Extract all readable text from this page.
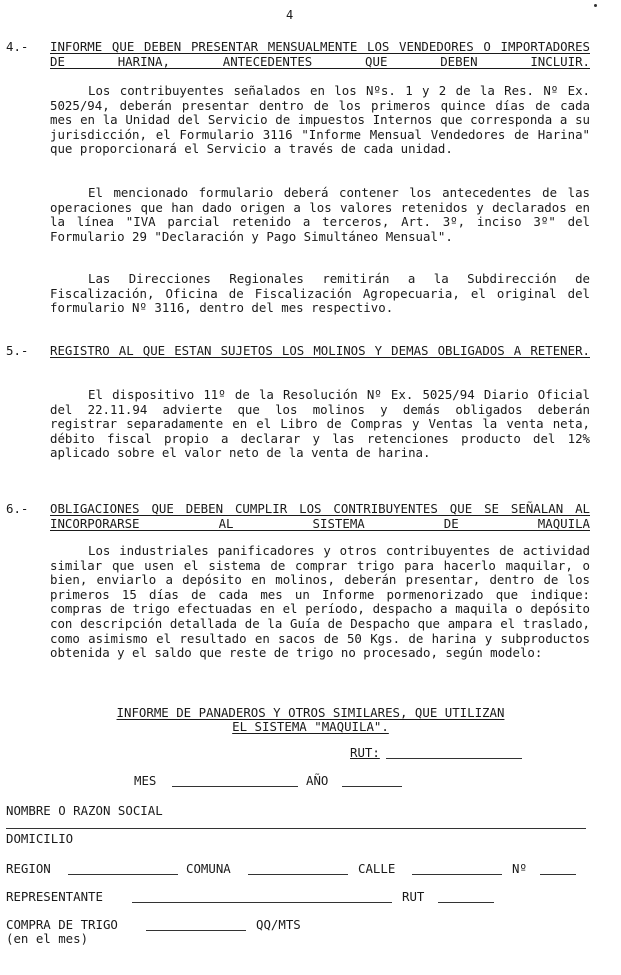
4
4.- INFORME QUE DEBEN PRESENTAR MENSUALMENTE LOS VENDEDORES O IMPORTADORES DE HARINA, ANTECEDENTES QUE DEBEN INCLUIR.

Los contribuyentes señalados en los Nºs. 1 y 2 de la Res. Nº Ex. 5025/94, deberán presentar dentro de los primeros quince días de cada mes en la Unidad del Servicio de impuestos Internos que corresponda a su jurisdicción, el Formulario 3116 "Informe Mensual Vendedores de Harina" que proporcionará el Servicio a través de cada unidad.

El mencionado formulario deberá contener los antecedentes de las operaciones que han dado origen a los valores retenidos y declarados en la línea "IVA parcial retenido a terceros, Art. 3º, inciso 3º" del Formulario 29 "Declaración y Pago Simultáneo Mensual".

Las Direcciones Regionales remitirán a la Subdirección de Fiscalización, Oficina de Fiscalización Agropecuaria, el original del formulario Nº 3116, dentro del mes respectivo.

5.- REGISTRO AL QUE ESTAN SUJETOS LOS MOLINOS Y DEMAS OBLIGADOS A RETENER.

El dispositivo 11º de la Resolución Nº Ex. 5025/94 Diario Oficial del 22.11.94 advierte que los molinos y demás obligados deberán registrar separadamente en el Libro de Compras y Ventas la venta neta, débito fiscal propio a declarar y las retenciones producto del 12% aplicado sobre el valor neto de la venta de harina.

6.- OBLIGACIONES QUE DEBEN CUMPLIR LOS CONTRIBUYENTES QUE SE SEÑALAN AL INCORPORARSE AL SISTEMA DE MAQUILA

Los industriales panificadores y otros contribuyentes de actividad similar que usen el sistema de comprar trigo para hacerlo maquilar, o bien, enviarlo a depósito en molinos, deberán presentar, dentro de los primeros 15 días de cada mes un Informe pormenorizado que indique: compras de trigo efectuadas en el período, despacho a maquila o depósito con descripción detallada de la Guía de Despacho que ampara el traslado, como asimismo el resultado en sacos de 50 Kgs. de harina y subproductos obtenida y el saldo que reste de trigo no procesado, según modelo:

INFORME DE PANADEROS Y OTROS SIMILARES, QUE UTILIZAN
EL SISTEMA "MAQUILA".
RUT:
MES	AÑO
NOMBRE O RAZON SOCIAL
DOMICILIO
REGION	COMUNA	CALLE	Nº
REPRESENTANTE	RUT
COMPRA DE TRIGO	QQ/MTS
(en el mes)
